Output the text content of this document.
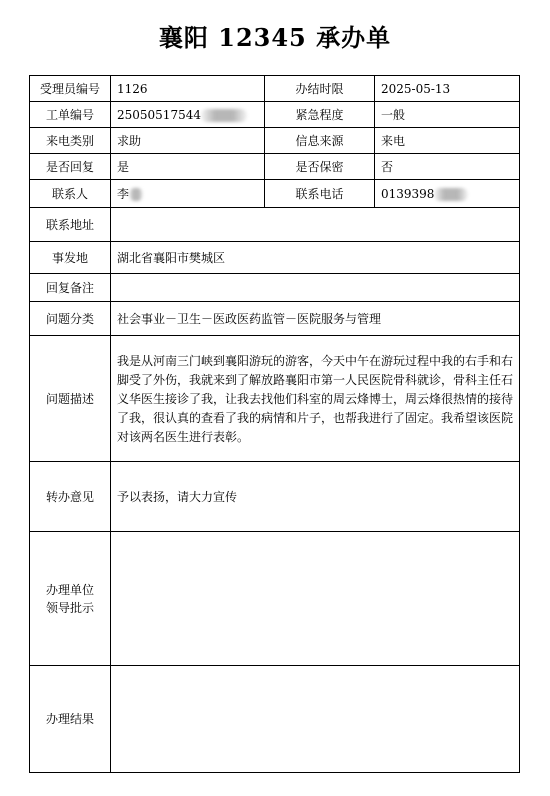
襄阳 12345 承办单
受理员编号	1126	办结时限	2025-05-13
工单编号	25050517544	紧急程度	一般
来电类别	求助	信息来源	来电
是否回复	是	是否保密	否
联系人	李	联系电话	0139398
联系地址			
事发地	湖北省襄阳市樊城区		
回复备注			
问题分类	社会事业－卫生－医政医药监管－医院服务与管理		
问题描述	我是从河南三门峡到襄阳游玩的游客，今天中午在游玩过程中我的右手和右脚受了外伤，我就来到了解放路襄阳市第一人民医院骨科就诊，骨科主任石义华医生接诊了我，让我去找他们科室的周云烽博士，周云烽很热情的接待了我，很认真的查看了我的病情和片子，也帮我进行了固定。我希望该医院对该两名医生进行表彰。		

转办意见	予以表扬，请大力宣传		

办理单位
领导批示			

办理结果			
